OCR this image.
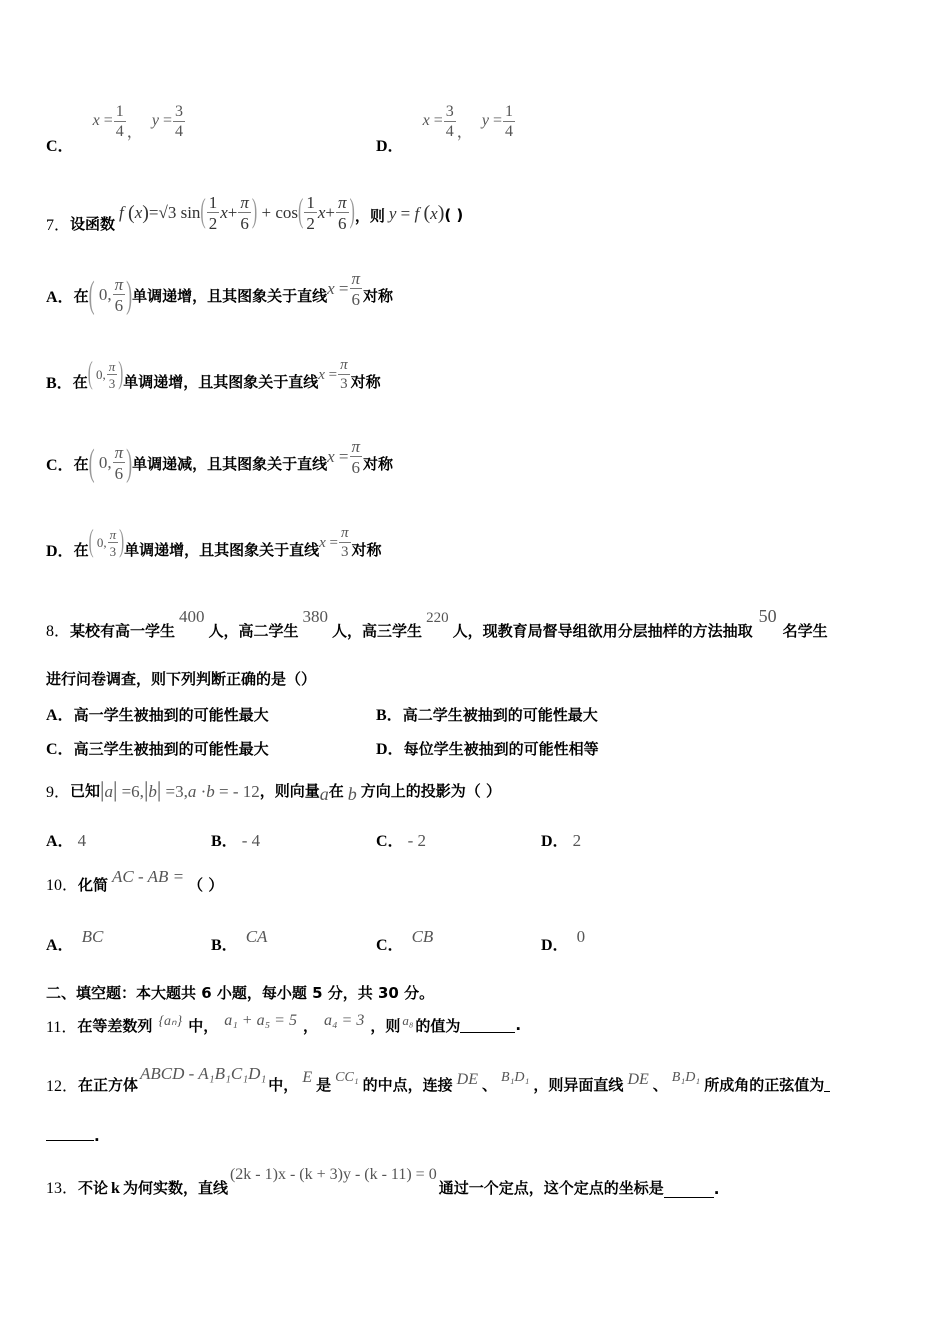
C． $x = \frac{1}{4}$ ， $y = \frac{3}{4}$
D． $x = \frac{3}{4}$ ， $y = \frac{1}{4}$
7． 设函数
f
( x ) =√3 sin ( $\frac{1}{2}$ $x + \frac{\pi}{6}$ ) + cos ( $\frac{1}{2}$ $x + \frac{\pi}{6}$ ) ，则 y = f (x) ( )
A． 在 ( 0, $\frac{\pi}{6}$ ) 单调递增，且其图象关于直线 $x = \frac{\pi}{6}$ 对称
B． 在 ( 0, $\frac{\pi}{3}$ ) 单调递增，且其图象关于直线 $x = \frac{\pi}{3}$ 对称
C． 在 ( 0, $\frac{\pi}{6}$ ) 单调递减，且其图象关于直线 $x = \frac{\pi}{6}$ 对称
D． 在 ( 0, $\frac{\pi}{3}$ ) 单调递增，且其图象关于直线 $x = \frac{\pi}{3}$ 对称
8．某校有高一学生400人，高二学生380人，高三学生220人，现教育局督导组欲用分层抽样的方法抽取50名学生
进行问卷调查，则下列判断正确的是（）
A．高一学生被抽到的可能性最大	B．高二学生被抽到的可能性最大
C．高三学生被抽到的可能性最大	D．每位学生被抽到的可能性相等
9． 已知 |a| =6,|b| =3,a ·b = - 12 ，则向量 a 在 b 方向上的投影为（ ）
A． 4	B． - 4	C． - 2	D． 2
10．化简 AC - AB = （ ）
A． BC	B． CA	C． CB	D． 0
二、填空题：本大题共 6 小题，每小题 5 分，共 30 分。
11． 在等差数列 {aₙ} 中， a₁ + a₅ = 5 ， a₄ = 3 ，则 a₈ 的值为	.
12． 在正方体
ABCD - A₁B₁C₁D₁
中， E 是 CC₁ 的中点，连接 DE 、 B₁D₁ ，则异面直线 DE 、 B₁D₁ 所成角的正弦值为
.
13． 不论 k 为何实数，直线
(2k - 1)x - (k + 3)y - (k - 11) = 0
通过一个定点，这个定点的坐标是	.
